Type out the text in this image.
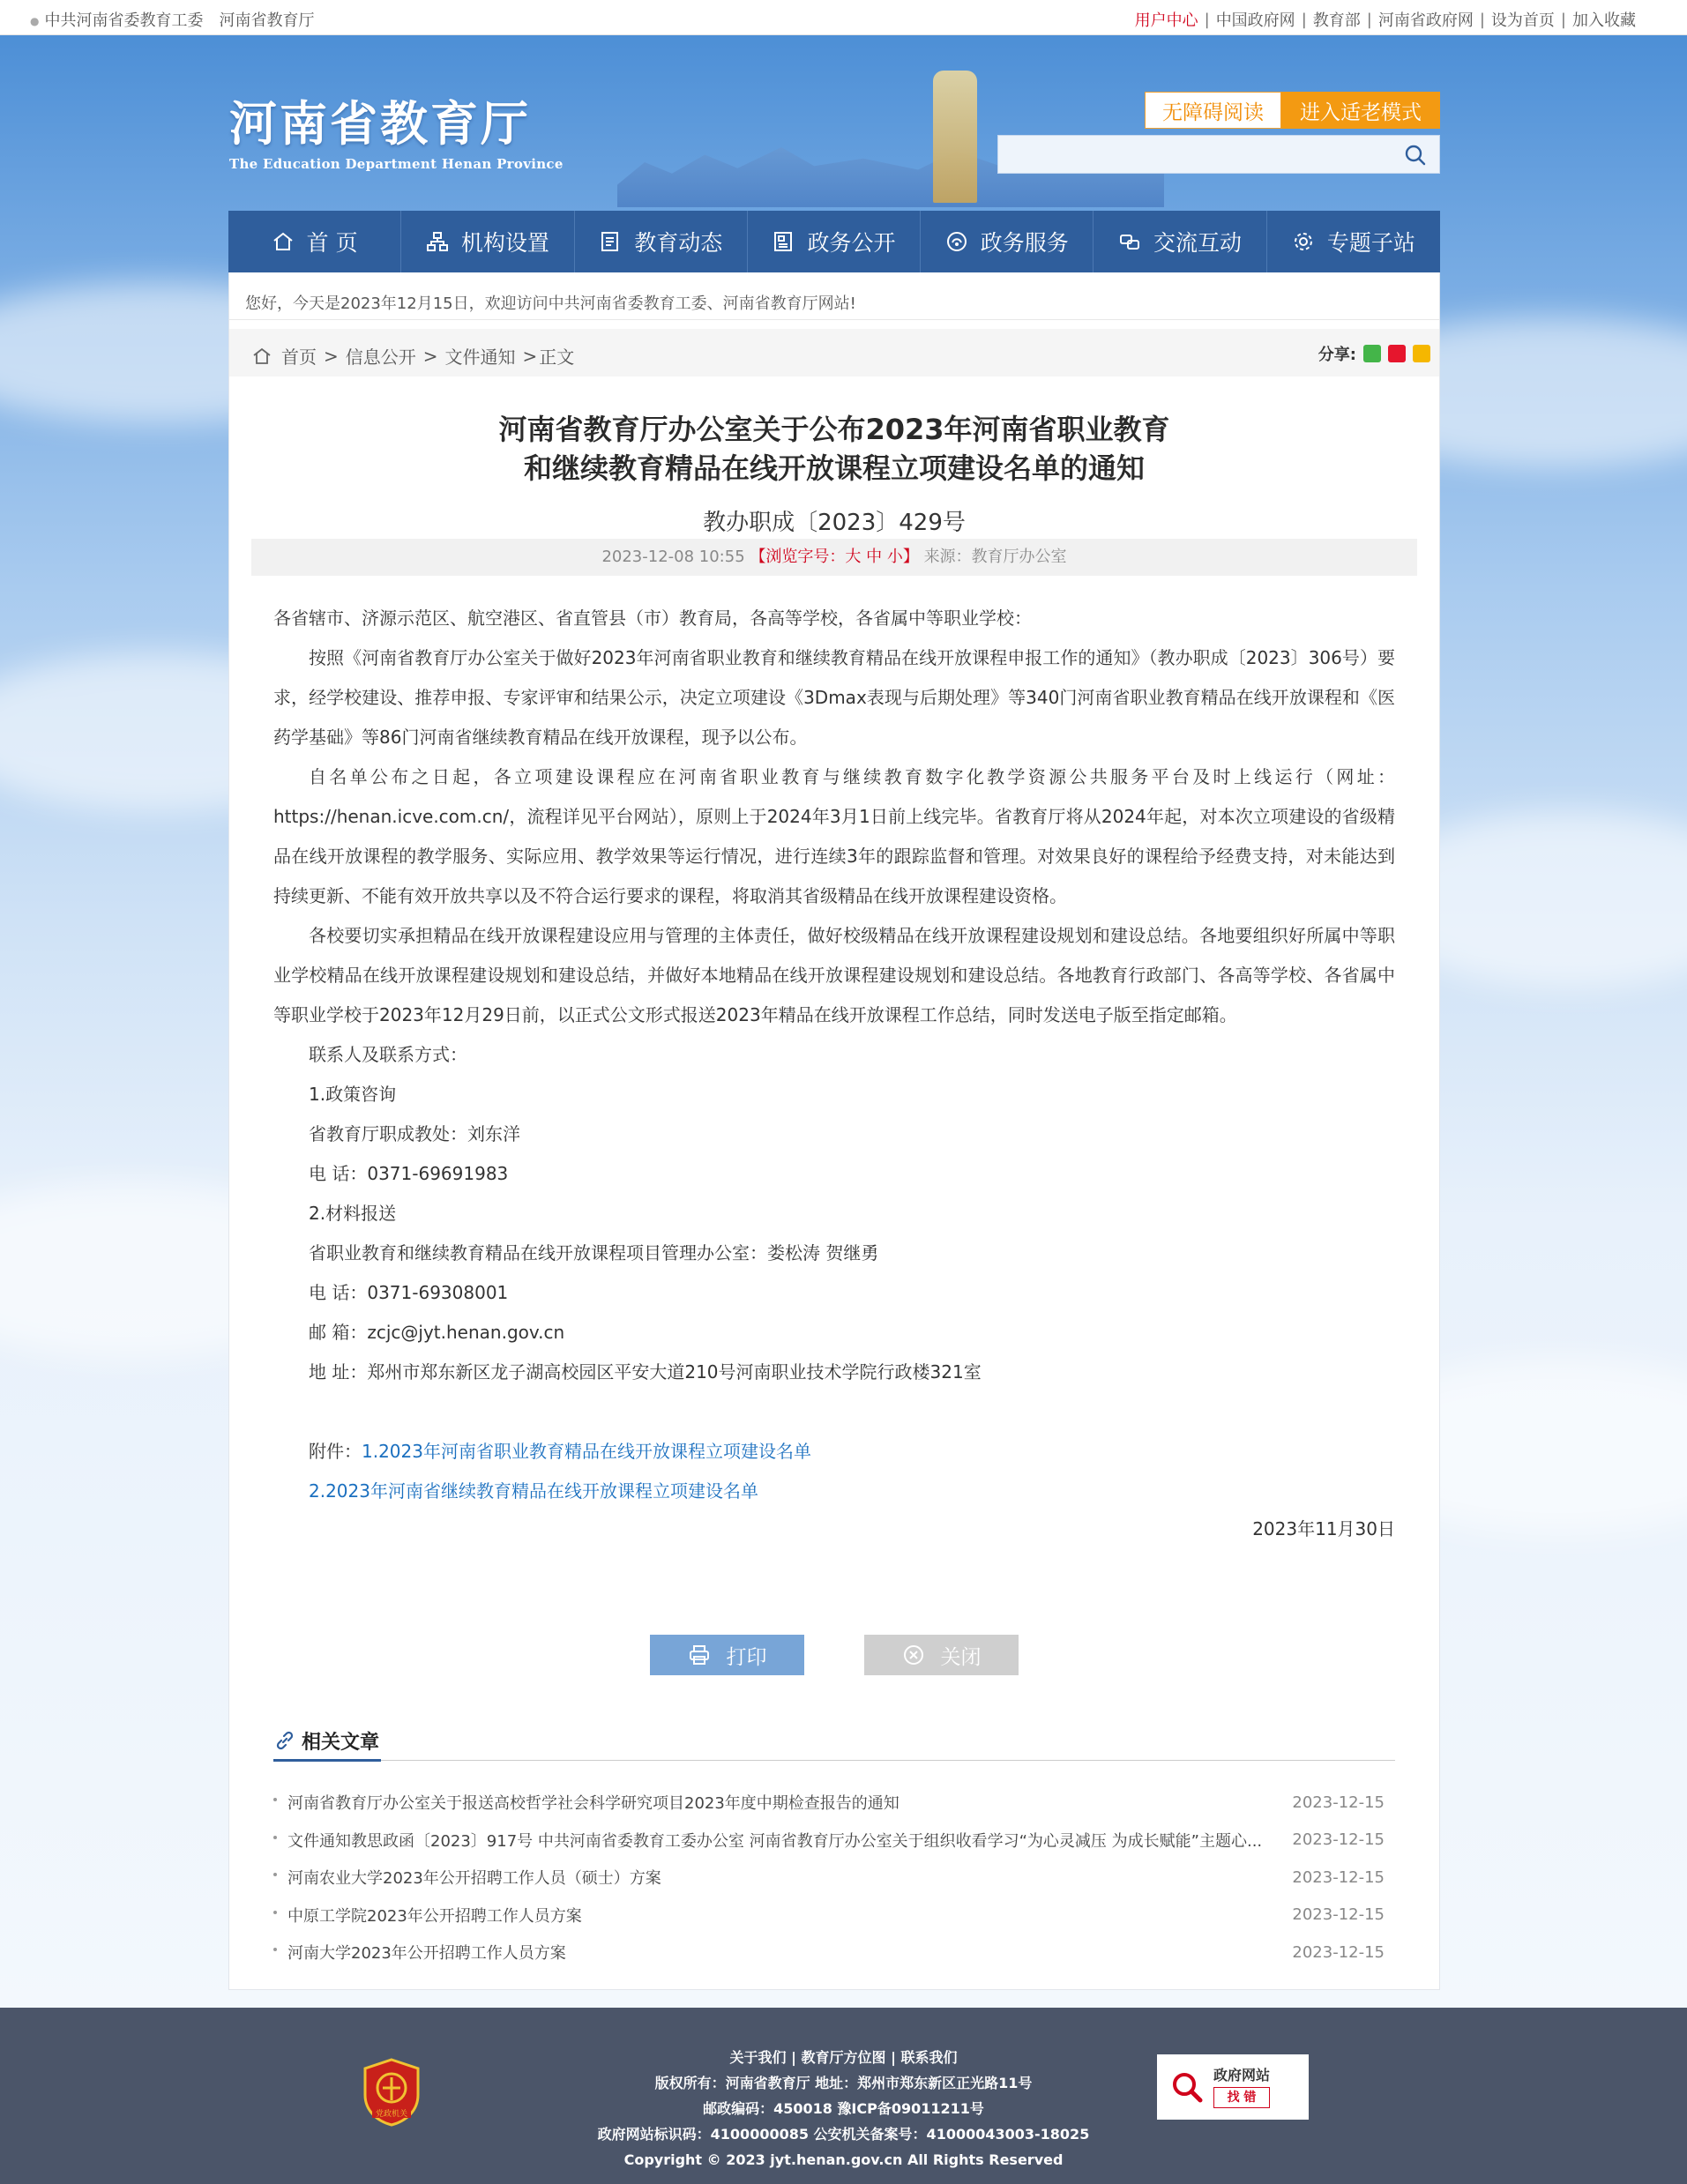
● 中共河南省委教育工委 河南省教育厅	用户中心 | 中国政府网 | 教育部 | 河南省政府网 | 设为首页 | 加入收藏
河南省教育厅
The Education Department Henan Province
无障碍阅读	进入适老模式
首 页	机构设置	教育动态	政务公开	政务服务	交流互动	专题子站
您好，今天是2023年12月15日，欢迎访问中共河南省委教育工委、河南省教育厅网站!
首页 > 信息公开 > 文件通知 > 正文	分享:
河南省教育厅办公室关于公布2023年河南省职业教育
和继续教育精品在线开放课程立项建设名单的通知
教办职成〔2023〕429号
2023-12-08 10:55 【浏览字号：大 中 小】 来源：教育厅办公室

各省辖市、济源示范区、航空港区、省直管县（市）教育局，各高等学校，各省属中等职业学校：

按照《河南省教育厅办公室关于做好2023年河南省职业教育和继续教育精品在线开放课程申报工作的通知》（教办职成〔2023〕306号）要求，经学校建设、推荐申报、专家评审和结果公示，决定立项建设《3Dmax表现与后期处理》等340门河南省职业教育精品在线开放课程和《医药学基础》等86门河南省继续教育精品在线开放课程，现予以公布。

自名单公布之日起，各立项建设课程应在河南省职业教育与继续教育数字化教学资源公共服务平台及时上线运行（网址：https://henan.icve.com.cn/，流程详见平台网站），原则上于2024年3月1日前上线完毕。省教育厅将从2024年起，对本次立项建设的省级精品在线开放课程的教学服务、实际应用、教学效果等运行情况，进行连续3年的跟踪监督和管理。对效果良好的课程给予经费支持，对未能达到持续更新、不能有效开放共享以及不符合运行要求的课程，将取消其省级精品在线开放课程建设资格。

各校要切实承担精品在线开放课程建设应用与管理的主体责任，做好校级精品在线开放课程建设规划和建设总结。各地要组织好所属中等职业学校精品在线开放课程建设规划和建设总结，并做好本地精品在线开放课程建设规划和建设总结。各地教育行政部门、各高等学校、各省属中等职业学校于2023年12月29日前，以正式公文形式报送2023年精品在线开放课程工作总结，同时发送电子版至指定邮箱。

联系人及联系方式：

1.政策咨询

省教育厅职成教处：刘东洋

电 话：0371-69691983

2.材料报送

省职业教育和继续教育精品在线开放课程项目管理办公室：娄松涛 贺继勇

电 话：0371-69308001

邮 箱：zcjc@jyt.henan.gov.cn

地 址：郑州市郑东新区龙子湖高校园区平安大道210号河南职业技术学院行政楼321室

附件：1.2023年河南省职业教育精品在线开放课程立项建设名单

2.2023年河南省继续教育精品在线开放课程立项建设名单

2023年11月30日

打印	关闭
相关文章
河南省教育厅办公室关于报送高校哲学社会科学研究项目2023年度中期检查报告的通知	2023-12-15
文件通知教思政函〔2023〕917号 中共河南省委教育工委办公室 河南省教育厅办公室关于组织收看学习“为心灵减压 为成长赋能”主题心... 2023-12-15
河南农业大学2023年公开招聘工作人员（硕士）方案	2023-12-15
中原工学院2023年公开招聘工作人员方案	2023-12-15
河南大学2023年公开招聘工作人员方案	2023-12-15
党政机关
关于我们 | 教育厅方位图 | 联系我们
版权所有：河南省教育厅 地址：郑州市郑东新区正光路11号
邮政编码：450018 豫ICP备09011211号
政府网站标识码：4100000085 公安机关备案号：41000043003-18025
Copyright © 2023 jyt.henan.gov.cn All Rights Reserved
政府网站
找 错
